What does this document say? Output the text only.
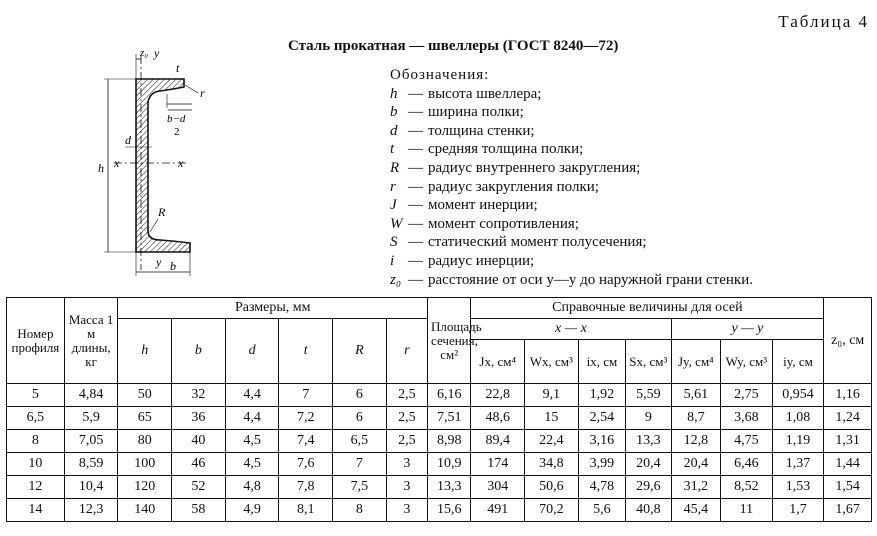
Таблица 4
Сталь прокатная — швеллеры (ГОСТ 8240—72)
z₀ y
t
r
b−d
2
d
x	x
h
R
y b
Обозначения:
h — высота швеллера;
b — ширина полки;
d — толщина стенки;
t — средняя толщина полки;
R — радиус внутреннего закругления;
r — радиус закругления полки;
J — момент инерции;
W — момент сопротивления;
S — статический момент полусечения;
i — радиус инерции;
z₀ — расстояние от оси y—y до наружной грани стенки.
Номер профиля	Масса 1 м длины, кг	Размеры, мм						Площадь сечения, см²	Справочные величины для осей							z₀, см
		h	b	d	t	R	r		x — x				y — y			
									Jx, см⁴	Wx, см³	ix, см	Sx, см³	Jy, см⁴	Wy, см³	iy, см	
5	4,84	50	32	4,4	7	6	2,5	6,16	22,8	9,1	1,92	5,59	5,61	2,75	0,954	1,16
6,5	5,9	65	36	4,4	7,2	6	2,5	7,51	48,6	15	2,54	9	8,7	3,68	1,08	1,24
8	7,05	80	40	4,5	7,4	6,5	2,5	8,98	89,4	22,4	3,16	13,3	12,8	4,75	1,19	1,31
10	8,59	100	46	4,5	7,6	7	3	10,9	174	34,8	3,99	20,4	20,4	6,46	1,37	1,44
12	10,4	120	52	4,8	7,8	7,5	3	13,3	304	50,6	4,78	29,6	31,2	8,52	1,53	1,54
14	12,3	140	58	4,9	8,1	8	3	15,6	491	70,2	5,6	40,8	45,4	11	1,7	1,67
